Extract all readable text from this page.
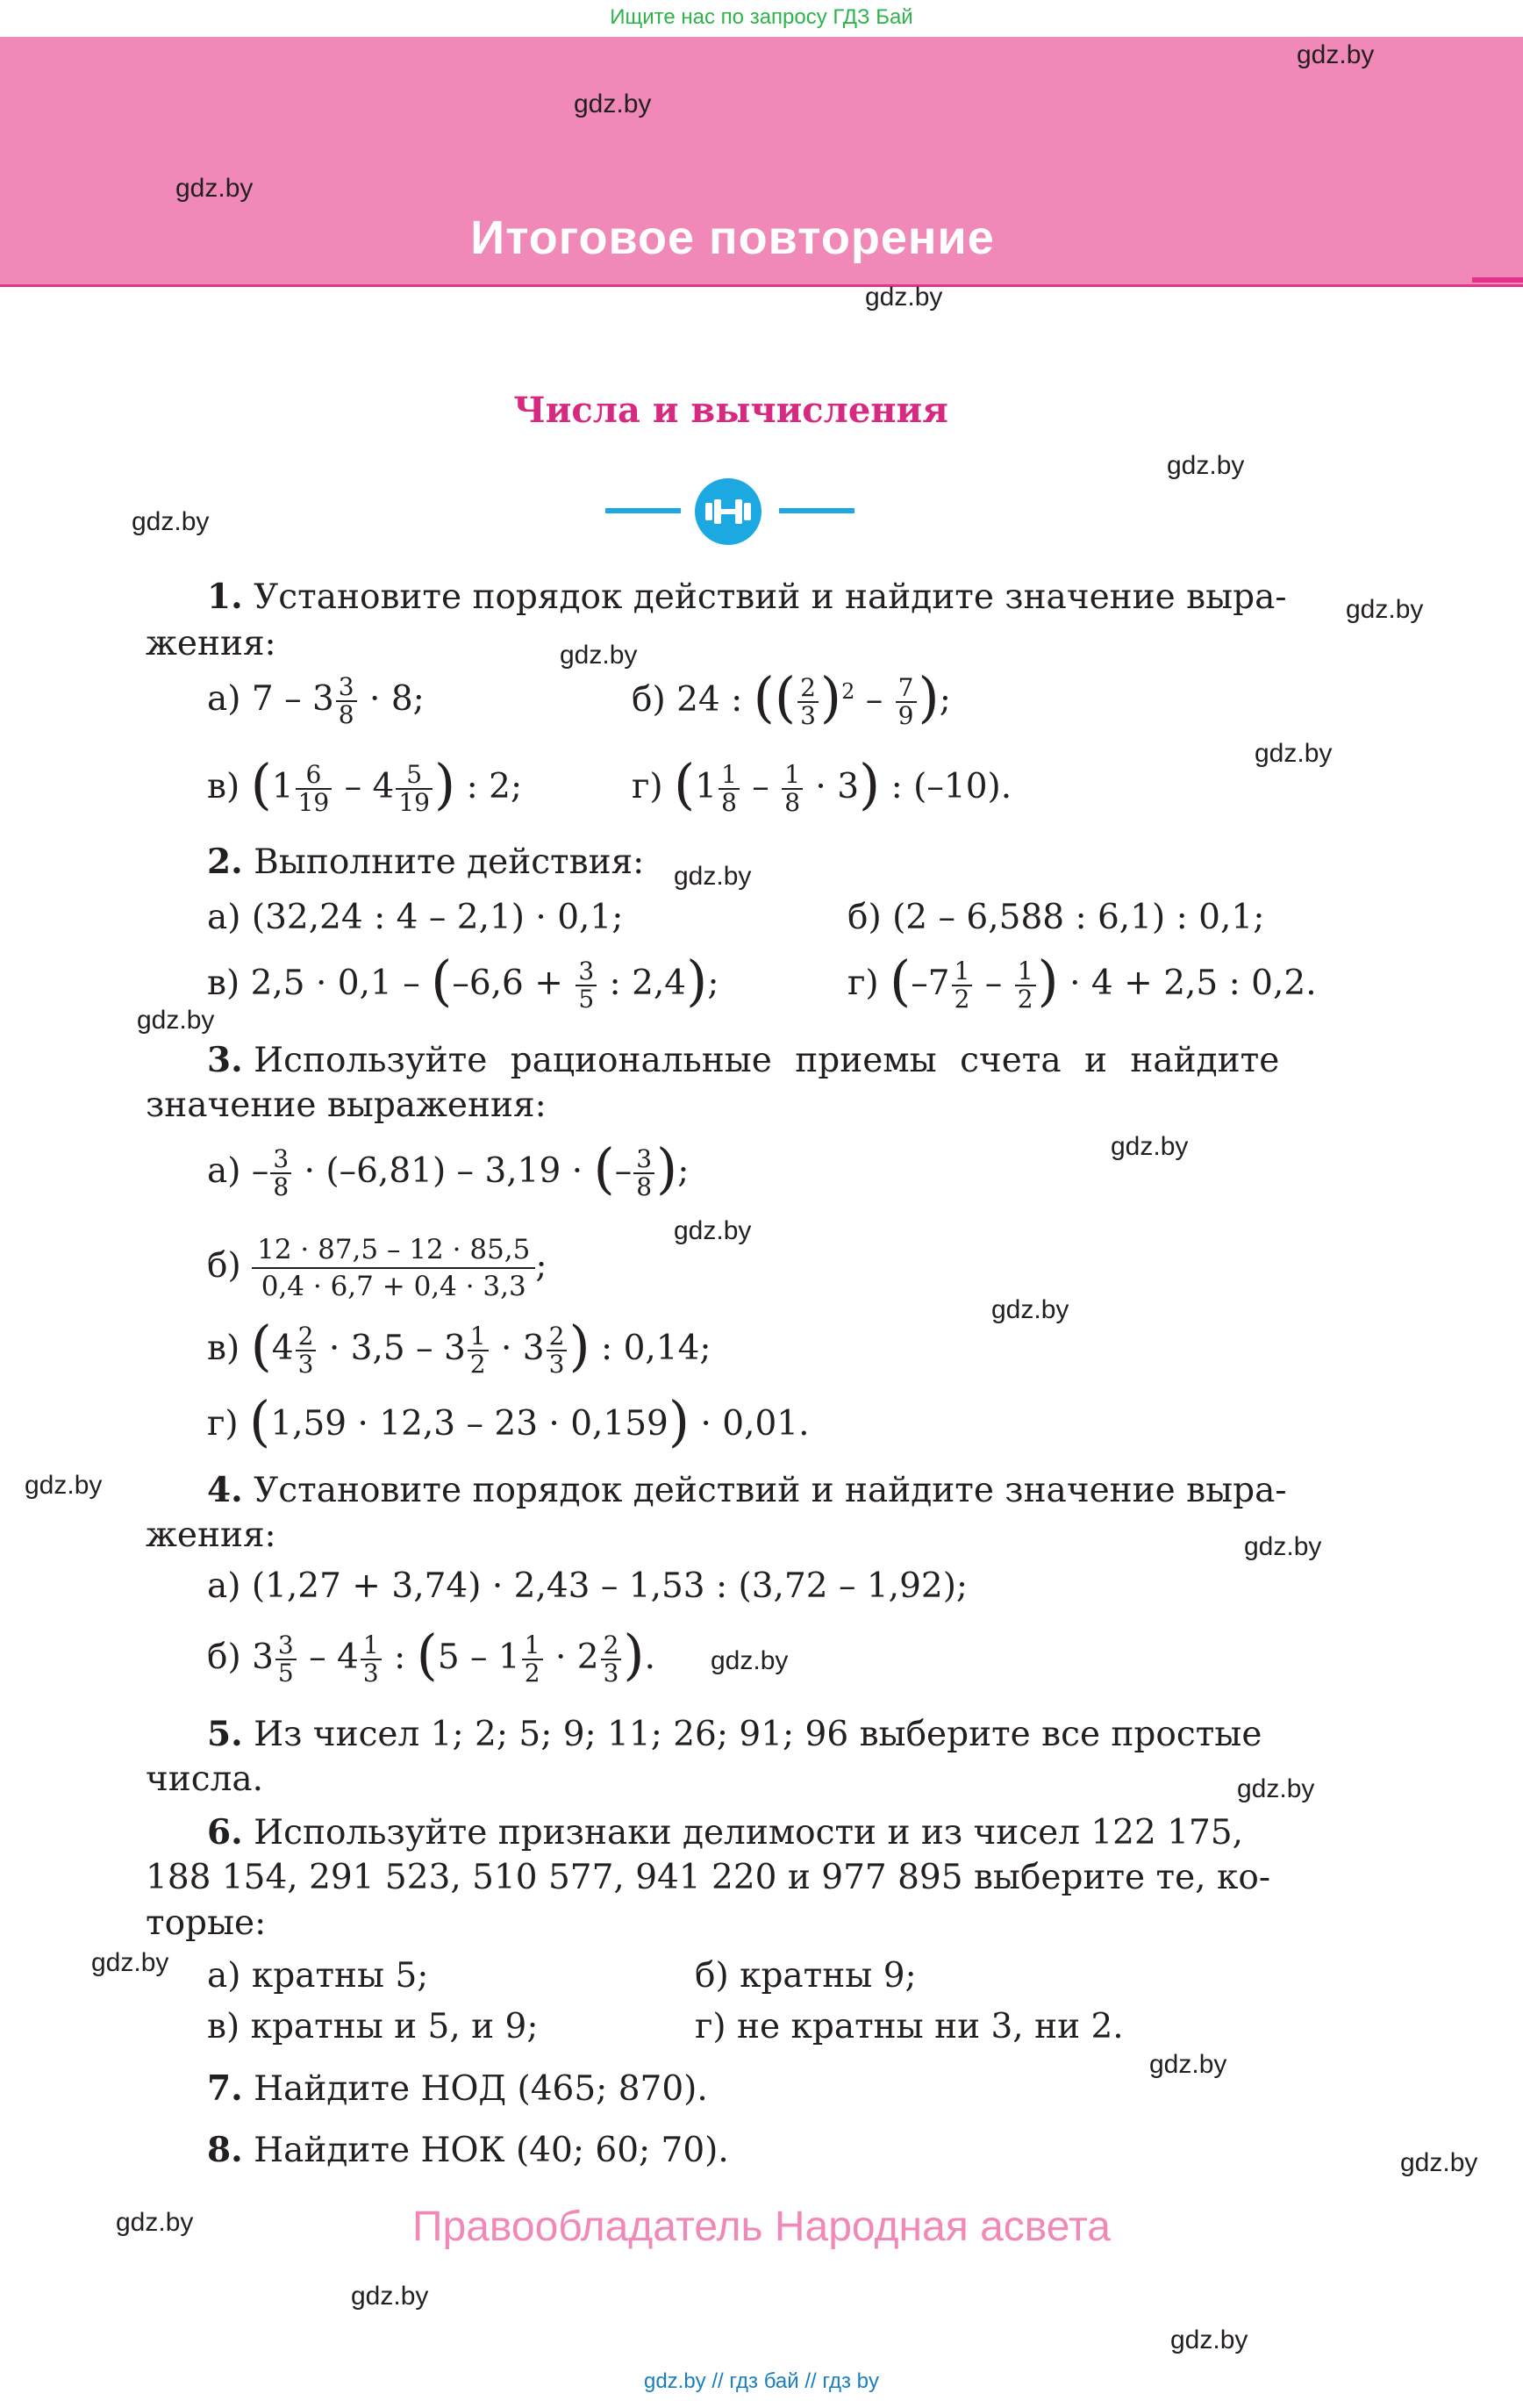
Ищите нас по запросу ГДЗ Бай
Итоговое повторение
gdz.by
gdz.by
gdz.by
gdz.by
gdz.by
gdz.by
gdz.by
gdz.by
gdz.by
gdz.by
gdz.by
gdz.by
gdz.by
gdz.by
gdz.by
gdz.by
gdz.by
gdz.by
gdz.by
gdz.by
gdz.by
gdz.by
gdz.by
gdz.by
Числа и вычисления
1. Установите порядок действий и найдите значение выра-
жения:
а) $7 - 3 \frac{3}{8} \cdot 8$;	б) 24 : (( $\frac{2}{3} )^2 - \frac{7}{9}$ );
в) ($1 \frac{6}{19} - 4 \frac{5}{19}$ ) : 2;	г) $(1 \frac{1}{8} - \frac{1}{8} \cdot 3)$ : (–10).
2. Выполните действия:
а) (32,24 : 4 – 2,1) · 0,1;	б) (2 – 6,588 : 6,1) : 0,1;
в) $2,5 \cdot 0,1 - (-6,6 + \frac{3}{5}$ : 2,4);	г) ($-7 \frac{1}{2} - \frac{1}{2}$ ) · 4 + 2,5 : 0,2.
3. Используйте рациональные приемы счета и найдите
значение выражения:
$а) - \frac{3}{8} \cdot (-6,81) - 3,19$ · (– $\frac{3}{8}$ );
$б) \frac{12 \cdot 87,5 - 12 \cdot 85,5}{0,4 \cdot 6,7 + 0,4 \cdot 3,3}$ ;
в) ($4 \frac{2}{3} \cdot 3,5 - 3 \frac{1}{2} \cdot 3 \frac{2}{3}$ ) : 0,14;
г) (1,59 · 12,3 – 23 · 0,159) · 0,01.
4. Установите порядок действий и найдите значение выра-
жения:
а) (1,27 + 3,74) · 2,43 – 1,53 : (3,72 – 1,92);
б) $3 \frac{3}{5} - 4 \frac{1}{3}$ : ($5 - 1 \frac{1}{2} \cdot 2 \frac{2}{3}$ ).
5. Из чисел 1; 2; 5; 9; 11; 26; 91; 96 выберите все простые
числа.
6. Используйте признаки делимости и из чисел 122 175,
188 154, 291 523, 510 577, 941 220 и 977 895 выберите те, ко-
торые:
а) кратны 5;	б) кратны 9;
в) кратны и 5, и 9;	г) не кратны ни 3, ни 2.
7. Найдите НОД (465; 870).
8. Найдите НОК (40; 60; 70).
Правообладатель Народная асвета
gdz.by // гдз бай // гдз by
